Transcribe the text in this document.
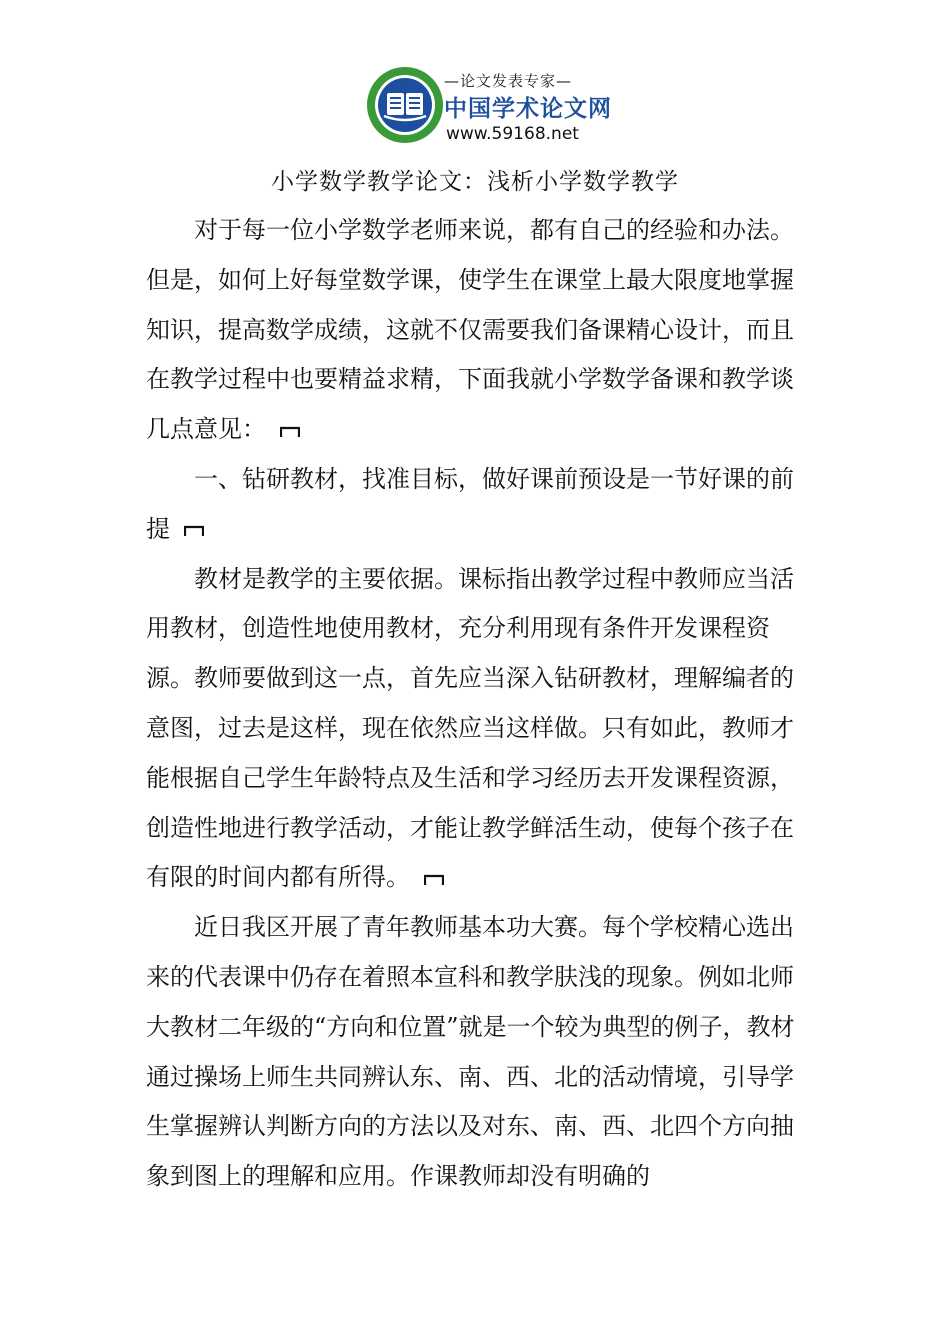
—论文发表专家—
中国学术论文网
www.59168.net
小学数学教学论文：浅析小学数学教学

对于每一位小学数学老师来说，都有自己的经验和办法。但是，如何上好每堂数学课，使学生在课堂上最大限度地掌握知识，提高数学成绩，这就不仅需要我们备课精心设计，而且在教学过程中也要精益求精，下面我就小学数学备课和教学谈几点意见：

一、钻研教材，找准目标，做好课前预设是一节好课的前提

教材是教学的主要依据。课标指出教学过程中教师应当活用教材，创造性地使用教材，充分利用现有条件开发课程资源。教师要做到这一点，首先应当深入钻研教材，理解编者的意图，过去是这样，现在依然应当这样做。只有如此，教师才能根据自己学生年龄特点及生活和学习经历去开发课程资源，创造性地进行教学活动，才能让教学鲜活生动，使每个孩子在有限的时间内都有所得。

近日我区开展了青年教师基本功大赛。每个学校精心选出来的代表课中仍存在着照本宣科和教学肤浅的现象。例如北师大教材二年级的“方向和位置”就是一个较为典型的例子，教材通过操场上师生共同辨认东、南、西、北的活动情境，引导学生掌握辨认判断方向的方法以及对东、南、西、北四个方向抽象到图上的理解和应用。作课教师却没有明确的
